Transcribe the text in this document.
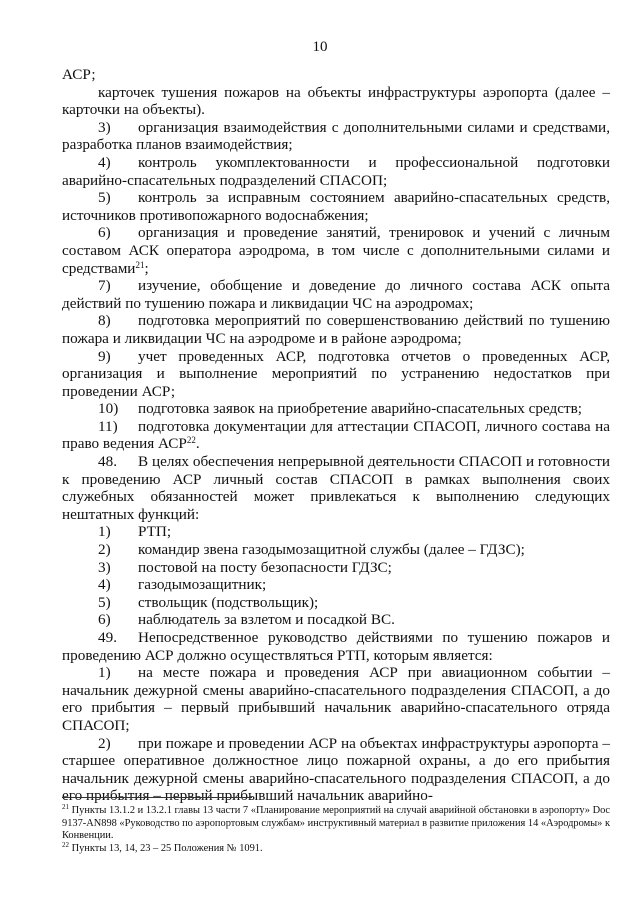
10

АСР;

карточек тушения пожаров на объекты инфраструктуры аэропорта (далее – карточки на объекты).

3) организация взаимодействия с дополнительными силами и средствами, разработка планов взаимодействия;

4) контроль укомплектованности и профессиональной подготовки аварийно-спасательных подразделений СПАСОП;

5) контроль за исправным состоянием аварийно-спасательных средств, источников противопожарного водоснабжения;

6) организация и проведение занятий, тренировок и учений с личным составом АСК оператора аэродрома, в том числе с дополнительными силами и средствами$^{21}$;

7) изучение, обобщение и доведение до личного состава АСК опыта действий по тушению пожара и ликвидации ЧС на аэродромах;

8) подготовка мероприятий по совершенствованию действий по тушению пожара и ликвидации ЧС на аэродроме и в районе аэродрома;

9) учет проведенных АСР, подготовка отчетов о проведенных АСР, организация и выполнение мероприятий по устранению недостатков при проведении АСР;

10) подготовка заявок на приобретение аварийно-спасательных средств;

11) подготовка документации для аттестации СПАСОП, личного состава на право ведения АСР$^{22}$.

48. В целях обеспечения непрерывной деятельности СПАСОП и готовности к проведению АСР личный состав СПАСОП в рамках выполнения своих служебных обязанностей может привлекаться к выполнению следующих нештатных функций:

1) РТП;

2) командир звена газодымозащитной службы (далее – ГДЗС);

3) постовой на посту безопасности ГДЗС;

4) газодымозащитник;

5) ствольщик (подствольщик);

6) наблюдатель за взлетом и посадкой ВС.

49. Непосредственное руководство действиями по тушению пожаров и проведению АСР должно осуществляться РТП, которым является:

1) на месте пожара и проведения АСР при авиационном событии – начальник дежурной смены аварийно-спасательного подразделения СПАСОП, а до его прибытия – первый прибывший начальник аварийно-спасательного отряда СПАСОП;

2) при пожаре и проведении АСР на объектах инфраструктуры аэропорта – старшее оперативное должностное лицо пожарной охраны, а до его прибытия начальник дежурной смены аварийно-спасательного подразделения СПАСОП, а до его прибытия – первый прибывший начальник аварийно-

$^{21}$ Пункты 13.1.2 и 13.2.1 главы 13 части 7 «Планирование мероприятий на случай аварийной обстановки в аэропорту» Doc 9137-AN898 «Руководство по аэропортовым службам» инструктивный материал в развитие приложения 14 «Аэродромы» к Конвенции.

$^{22}$ Пункты 13, 14, 23 – 25 Положения № 1091.
